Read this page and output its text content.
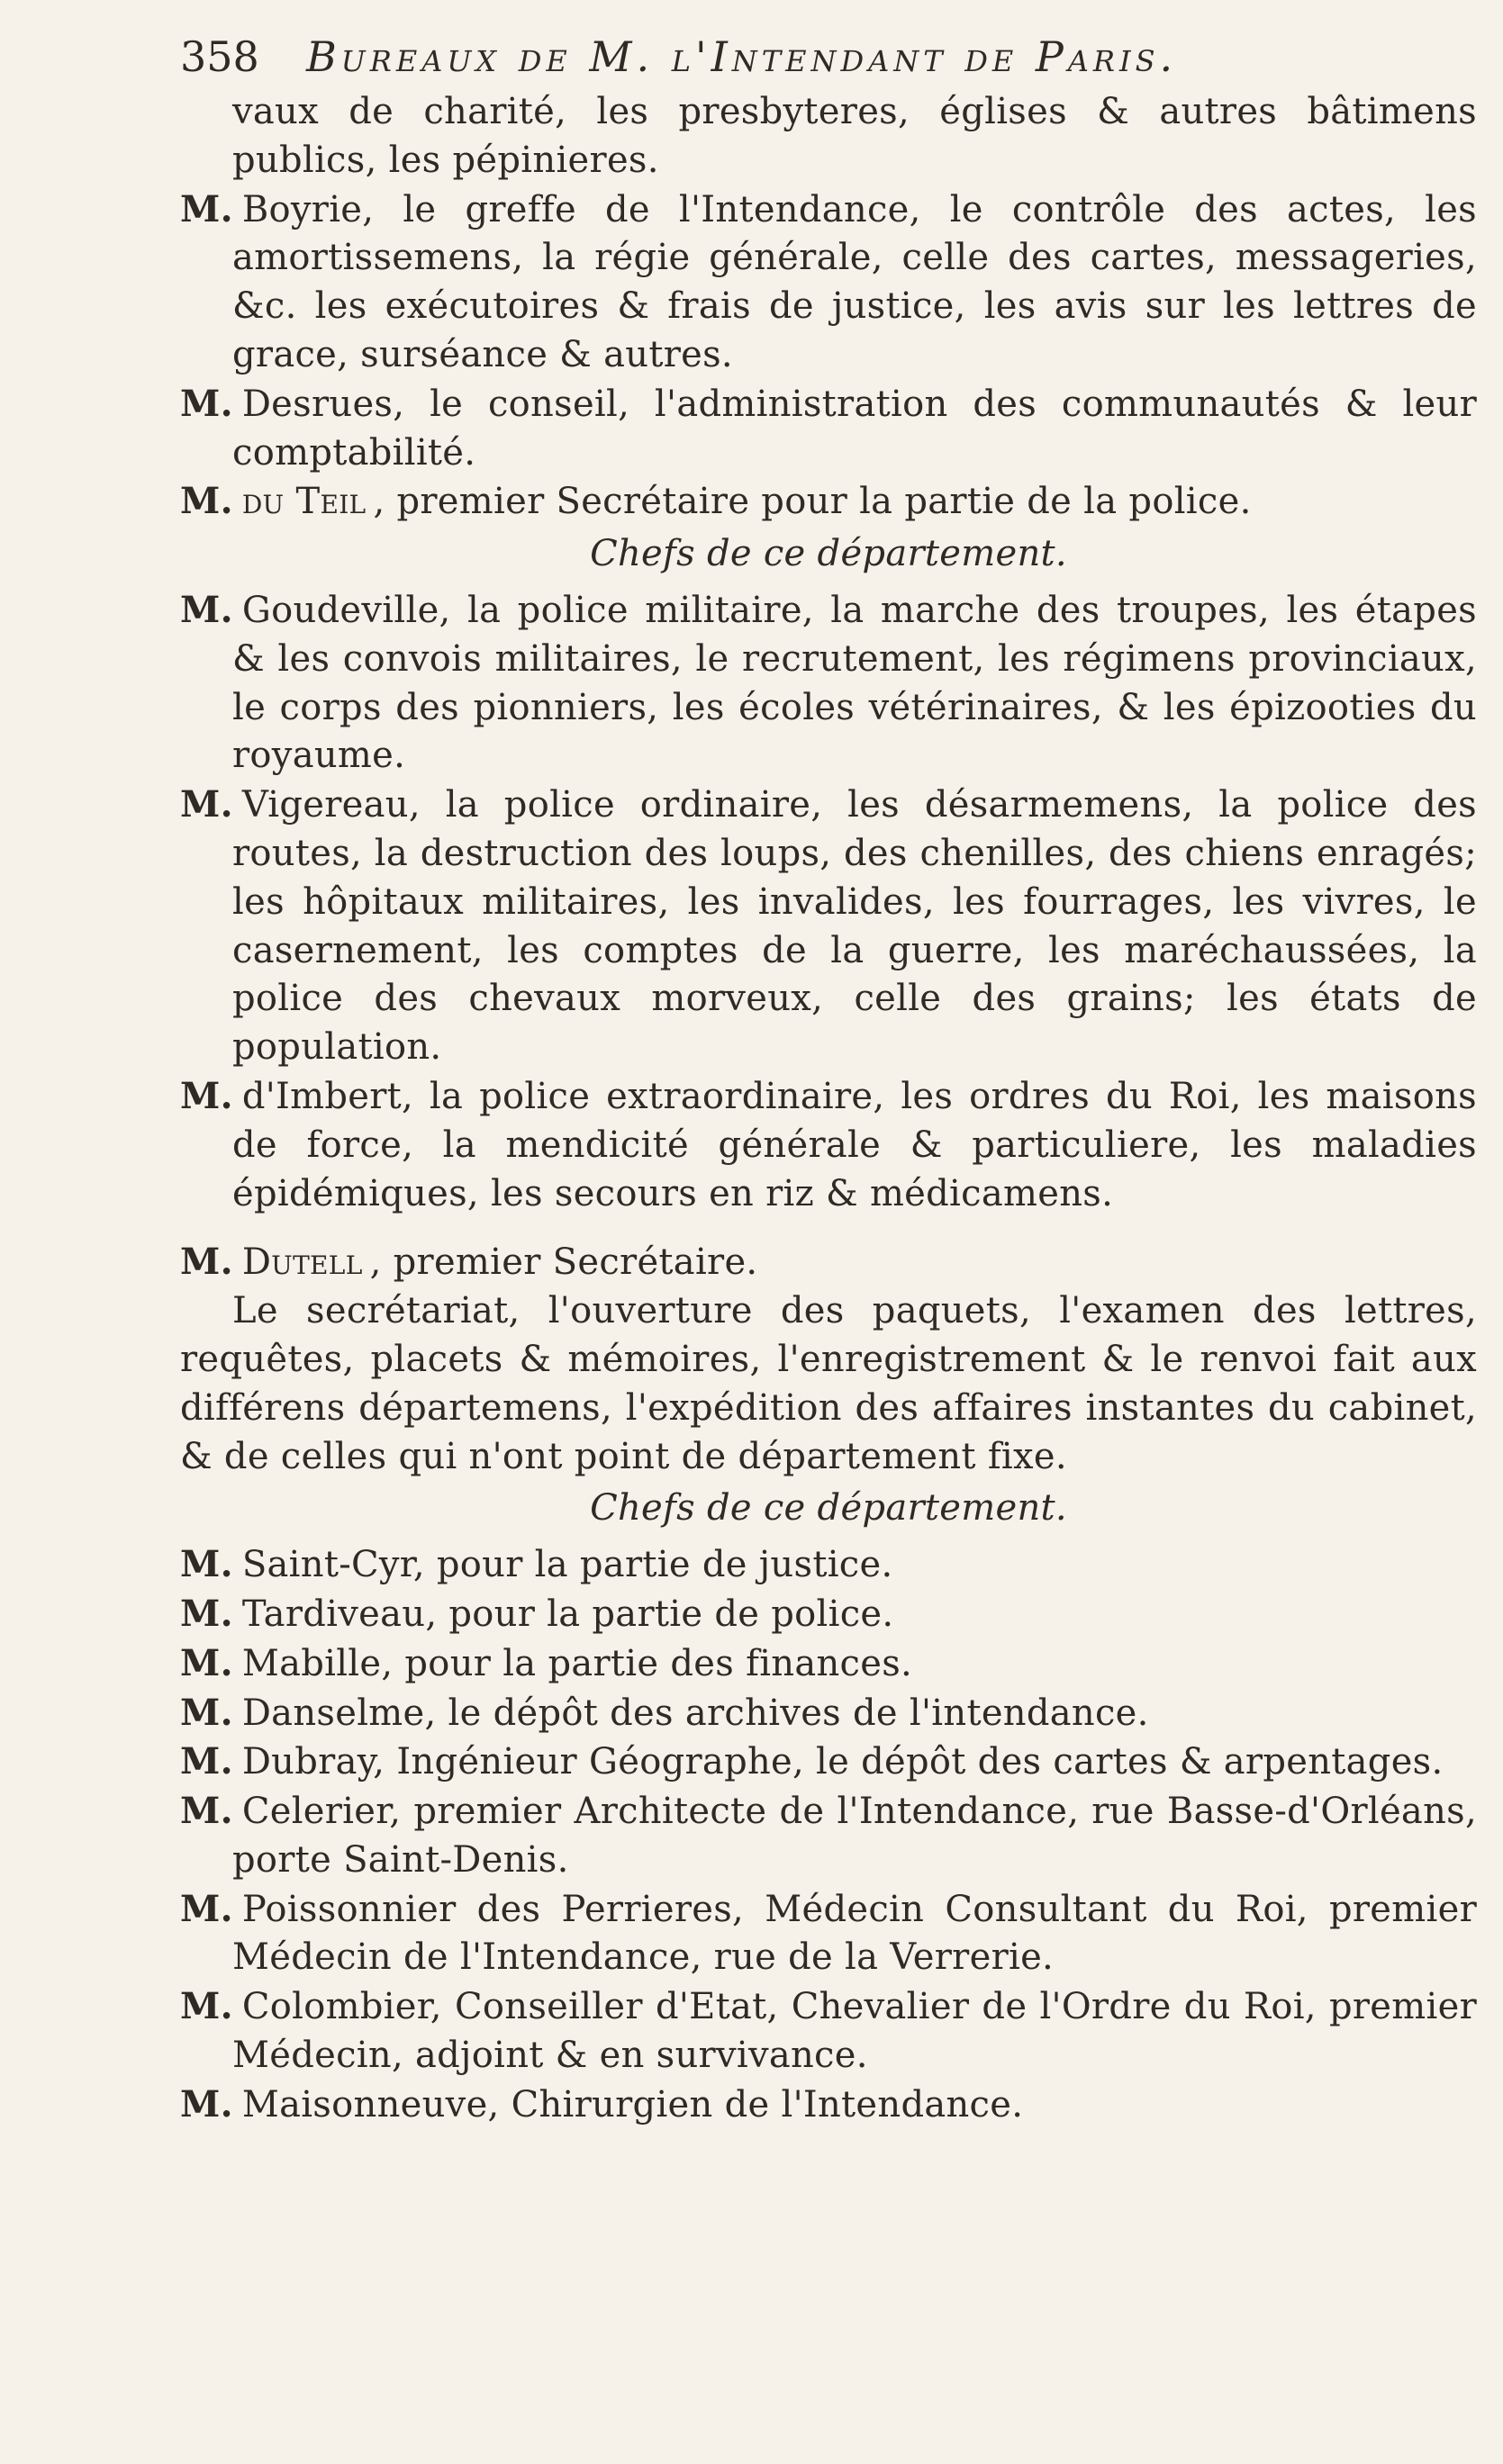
358 Bureaux de M. l'Intendant de Paris.

vaux de charité, les presbyteres, églises & autres bâtimens publics, les pépinieres.

M. Boyrie, le greffe de l'Intendance, le contrôle des actes, les amortissemens, la régie générale, celle des cartes, messageries, &c. les exécutoires & frais de justice, les avis sur les lettres de grace, surséance & autres.

M. Desrues, le conseil, l'administration des communautés & leur comptabilité.

M. du Teil , premier Secrétaire pour la partie de la police.

Chefs de ce département.

M. Goudeville, la police militaire, la marche des troupes, les étapes & les convois militaires, le recrutement, les régimens provinciaux, le corps des pionniers, les écoles vétérinaires, & les épizooties du royaume.

M. Vigereau, la police ordinaire, les désarmemens, la police des routes, la destruction des loups, des chenilles, des chiens enragés; les hôpitaux militaires, les invalides, les fourrages, les vivres, le casernement, les comptes de la guerre, les maréchaussées, la police des chevaux morveux, celle des grains; les états de population.

M. d'Imbert, la police extraordinaire, les ordres du Roi, les maisons de force, la mendicité générale & particuliere, les maladies épidémiques, les secours en riz & médicamens.

M. Dutell , premier Secrétaire.

Le secrétariat, l'ouverture des paquets, l'examen des lettres, requêtes, placets & mémoires, l'enregistrement & le renvoi fait aux différens départemens, l'expédition des affaires instantes du cabinet, & de celles qui n'ont point de département fixe.

Chefs de ce département.

M. Saint-Cyr, pour la partie de justice.

M. Tardiveau, pour la partie de police.

M. Mabille, pour la partie des finances.

M. Danselme, le dépôt des archives de l'intendance.

M. Dubray, Ingénieur Géographe, le dépôt des cartes & arpentages.

M. Celerier, premier Architecte de l'Intendance, rue Basse-d'Orléans, porte Saint-Denis.

M. Poissonnier des Perrieres, Médecin Consultant du Roi, premier Médecin de l'Intendance, rue de la Verrerie.

M. Colombier, Conseiller d'Etat, Chevalier de l'Ordre du Roi, premier Médecin, adjoint & en survivance.

M. Maisonneuve, Chirurgien de l'Intendance.
